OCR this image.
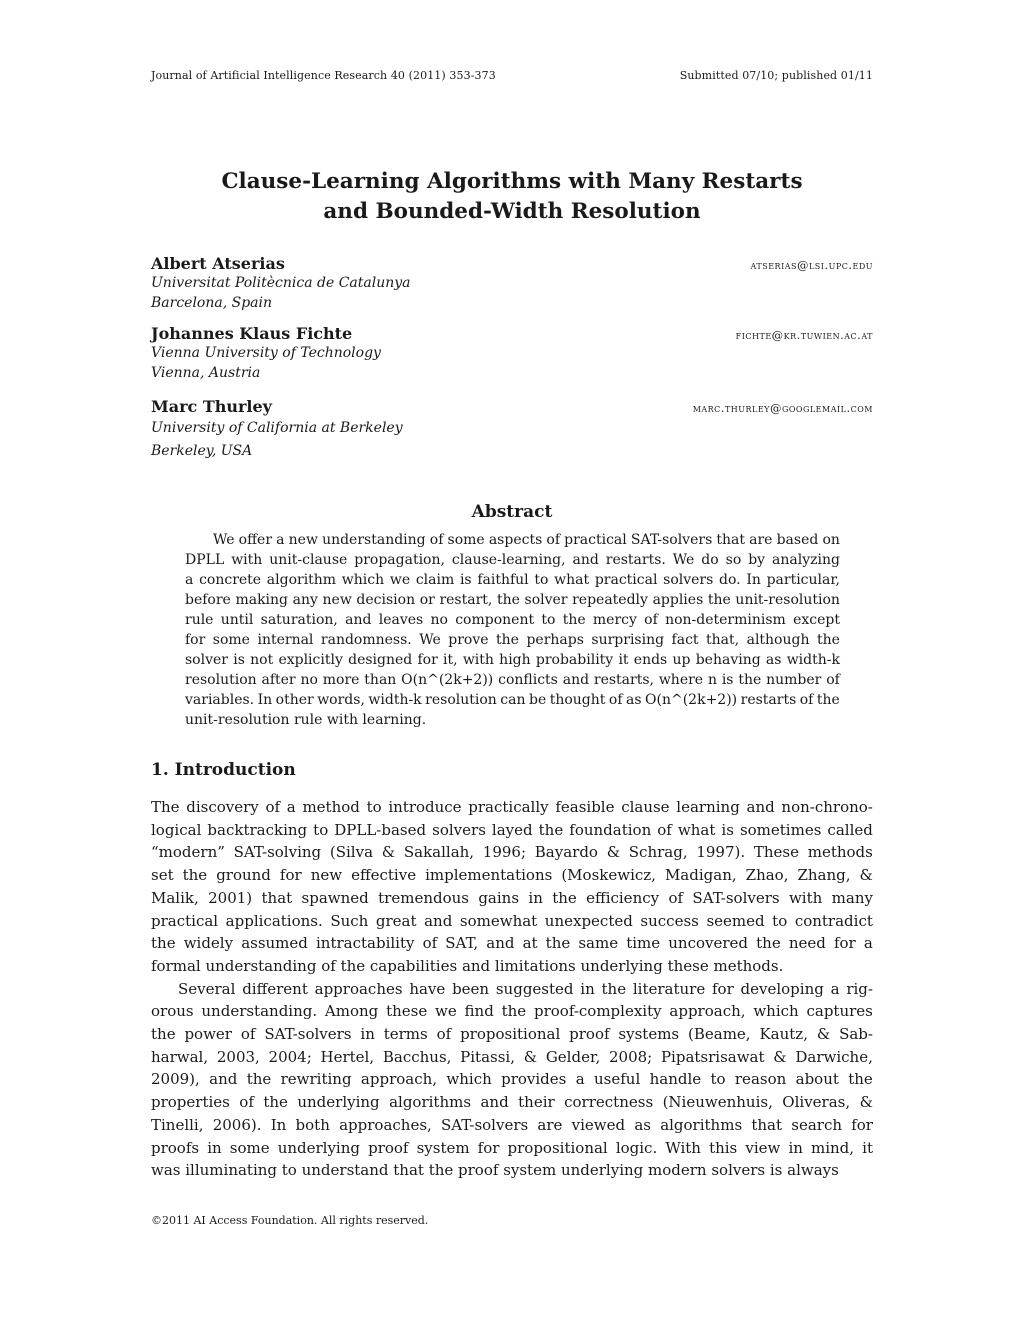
Journal of Artificial Intelligence Research 40 (2011) 353-373	Submitted 07/10; published 01/11
Clause-Learning Algorithms with Many Restarts
and Bounded-Width Resolution
Albert Atserias	atserias@lsi.upc.edu
Universitat Politècnica de Catalunya
Barcelona, Spain
Johannes Klaus Fichte	fichte@kr.tuwien.ac.at
Vienna University of Technology
Vienna, Austria
Marc Thurley	marc.thurley@googlemail.com
University of California at Berkeley
Berkeley, USA
Abstract
We offer a new understanding of some aspects of practical SAT-solvers that are based on
DPLL with unit-clause propagation, clause-learning, and restarts. We do so by analyzing
a concrete algorithm which we claim is faithful to what practical solvers do. In particular,
before making any new decision or restart, the solver repeatedly applies the unit-resolution
rule until saturation, and leaves no component to the mercy of non-determinism except
for some internal randomness. We prove the perhaps surprising fact that, although the
solver is not explicitly designed for it, with high probability it ends up behaving as width-k
resolution after no more than O(n^(2k+2)) conflicts and restarts, where n is the number of
variables. In other words, width-k resolution can be thought of as O(n^(2k+2)) restarts of the
unit-resolution rule with learning.
1. Introduction
The discovery of a method to introduce practically feasible clause learning and non-chrono-
logical backtracking to DPLL-based solvers layed the foundation of what is sometimes called
“modern” SAT-solving (Silva & Sakallah, 1996; Bayardo & Schrag, 1997). These methods
set the ground for new effective implementations (Moskewicz, Madigan, Zhao, Zhang, &
Malik, 2001) that spawned tremendous gains in the efficiency of SAT-solvers with many
practical applications. Such great and somewhat unexpected success seemed to contradict
the widely assumed intractability of SAT, and at the same time uncovered the need for a
formal understanding of the capabilities and limitations underlying these methods.
Several different approaches have been suggested in the literature for developing a rig-
orous understanding. Among these we find the proof-complexity approach, which captures
the power of SAT-solvers in terms of propositional proof systems (Beame, Kautz, & Sab-
harwal, 2003, 2004; Hertel, Bacchus, Pitassi, & Gelder, 2008; Pipatsrisawat & Darwiche,
2009), and the rewriting approach, which provides a useful handle to reason about the
properties of the underlying algorithms and their correctness (Nieuwenhuis, Oliveras, &
Tinelli, 2006). In both approaches, SAT-solvers are viewed as algorithms that search for
proofs in some underlying proof system for propositional logic. With this view in mind, it
was illuminating to understand that the proof system underlying modern solvers is always
©2011 AI Access Foundation. All rights reserved.
